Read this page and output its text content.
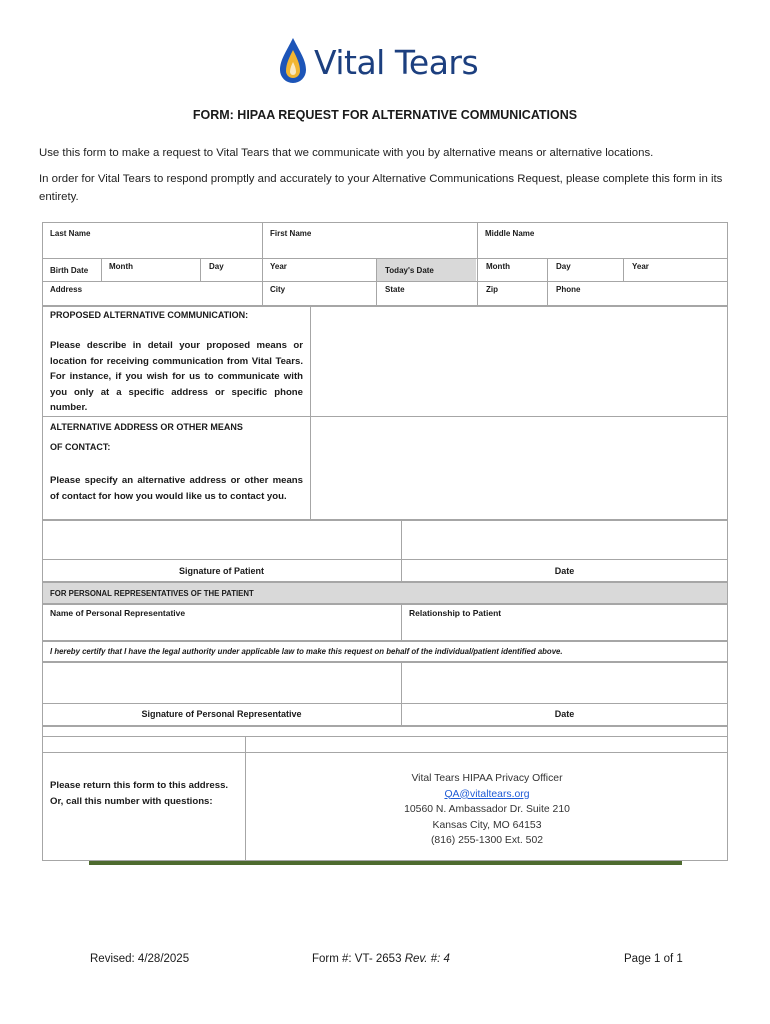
Vital Tears
FORM: HIPAA REQUEST FOR ALTERNATIVE COMMUNICATIONS
Use this form to make a request to Vital Tears that we communicate with you by alternative means or alternative locations.
In order for Vital Tears to respond promptly and accurately to your Alternative Communications Request, please complete this form in its entirety.
Last Name	First Name	Middle Name
Birth Date	Month	Day	Year	Today's Date	Month	Day	Year
Address	City	State	Zip	Phone
PROPOSED ALTERNATIVE COMMUNICATION:
Please describe in detail your proposed means or location for receiving communication from Vital Tears. For instance, if you wish for us to communicate with you only at a specific address or specific phone number.
ALTERNATIVE ADDRESS OR OTHER MEANS
OF CONTACT:
Please specify an alternative address or other means of contact for how you would like us to contact you.
Signature of Patient	Date
FOR PERSONAL REPRESENTATIVES OF THE PATIENT
Name of Personal Representative	Relationship to Patient
I hereby certify that I have the legal authority under applicable law to make this request on behalf of the individual/patient identified above.
Signature of Personal Representative	Date
Please return this form to this address. Or, call this number with questions:
Vital Tears HIPAA Privacy Officer
QA@vitaltears.org
10560 N. Ambassador Dr. Suite 210
Kansas City, MO 64153
(816) 255-1300 Ext. 502
Revised: 4/28/2025	Form #: VT- 2653 Rev. #: 4	Page 1 of 1
